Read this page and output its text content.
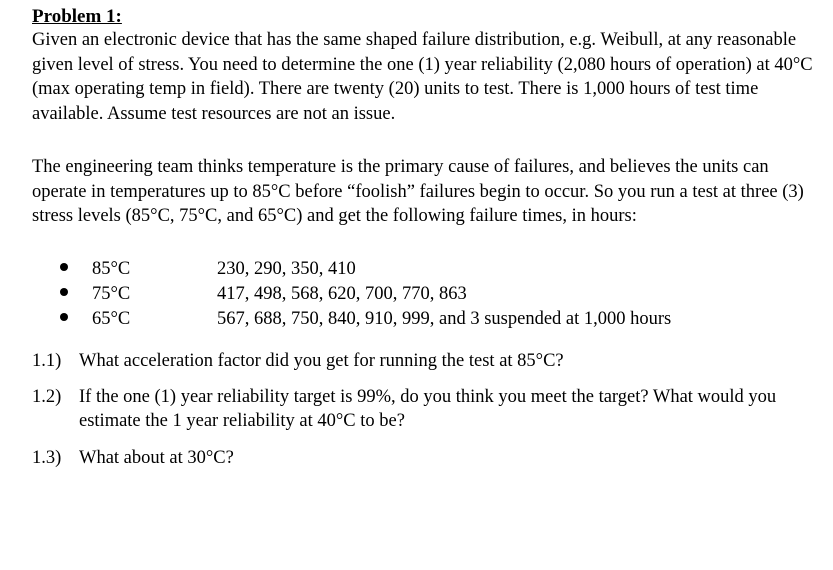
Problem 1:

Given an electronic device that has the same shaped failure distribution, e.g. Weibull, at any reasonable given level of stress. You need to determine the one (1) year reliability (2,080 hours of operation) at 40°C (max operating temp in field). There are twenty (20) units to test. There is 1,000 hours of test time available. Assume test resources are not an issue.

The engineering team thinks temperature is the primary cause of failures, and believes the units can operate in temperatures up to 85°C before “foolish” failures begin to occur. So you run a test at three (3) stress levels (85°C, 75°C, and 65°C) and get the following failure times, in hours:

85°C	230, 290, 350, 410
75°C	417, 498, 568, 620, 700, 770, 863
65°C	567, 688, 750, 840, 910, 999, and 3 suspended at 1,000 hours
1.1) What acceleration factor did you get for running the test at 85°C?
1.2) If the one (1) year reliability target is 99%, do you think you meet the target? What would you estimate the 1 year reliability at 40°C to be?
1.3) What about at 30°C?
